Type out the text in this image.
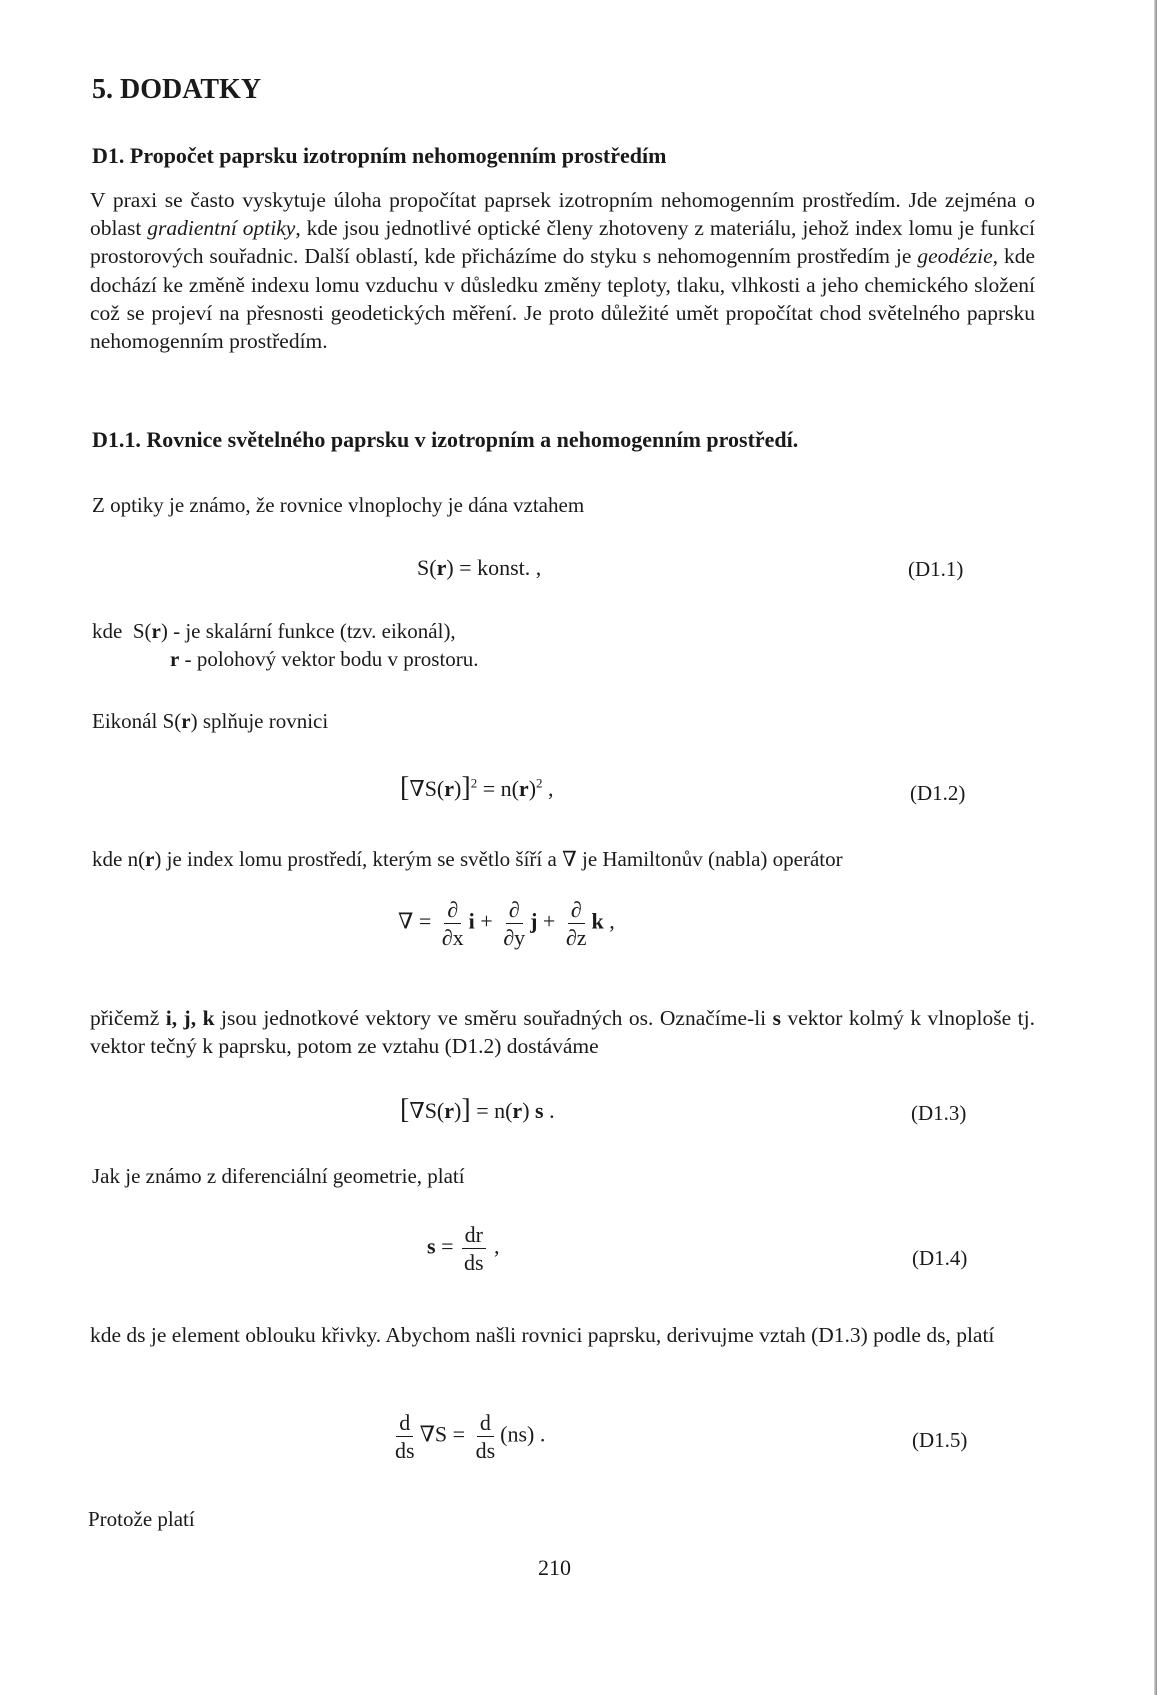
5. DODATKY
D1. Propočet paprsku izotropním nehomogenním prostředím

V praxi se často vyskytuje úloha propočítat paprsek izotropním nehomogenním prostředím. Jde zejména o oblast gradientní optiky, kde jsou jednotlivé optické členy zhotoveny z materiálu, jehož index lomu je funkcí prostorových souřadnic. Další oblastí, kde přicházíme do styku s nehomogenním prostředím je geodézie, kde dochází ke změně indexu lomu vzduchu v důsledku změny teploty, tlaku, vlhkosti a jeho chemického složení což se projeví na přesnosti geodetických měření. Je proto důležité umět propočítat chod světelného paprsku nehomogenním prostředím.

D1.1. Rovnice světelného paprsku v izotropním a nehomogenním prostředí.
Z optiky je známo, že rovnice vlnoplochy je dána vztahem
S(r) = konst. ,	(D1.1)
kde S(r) - je skalární funkce (tzv. eikonál),
r - polohový vektor bodu v prostoru.
Eikonál S(r) splňuje rovnici
$[\nabla S(r)]^2 = n(r)^2$ ,	(D1.2)
kde n(r) je index lomu prostředí, kterým se světlo šíří a ∇ je Hamiltonův (nabla) operátor
∇ = $\frac{\partial}{\partial x}$ $i + \frac{\partial}{\partial y}$ $j + \frac{\partial}{\partial z}$ k ,

přičemž i, j, k jsou jednotkové vektory ve směru souřadných os. Označíme-li s vektor kolmý k vlnoploše tj. vektor tečný k paprsku, potom ze vztahu (D1.2) dostáváme

[∇S(r)] = n(r) s .	(D1.3)
Jak je známo z diferenciální geometrie, platí
$s = \frac{dr}{ds}$ ,	(D1.4)

kde ds je element oblouku křivky. Abychom našli rovnici paprsku, derivujme vztah (D1.3) podle ds, platí

$\frac{d}{ds} \nabla S = \frac{d}{ds} (ns)$ .	(D1.5)
Protože platí
210
